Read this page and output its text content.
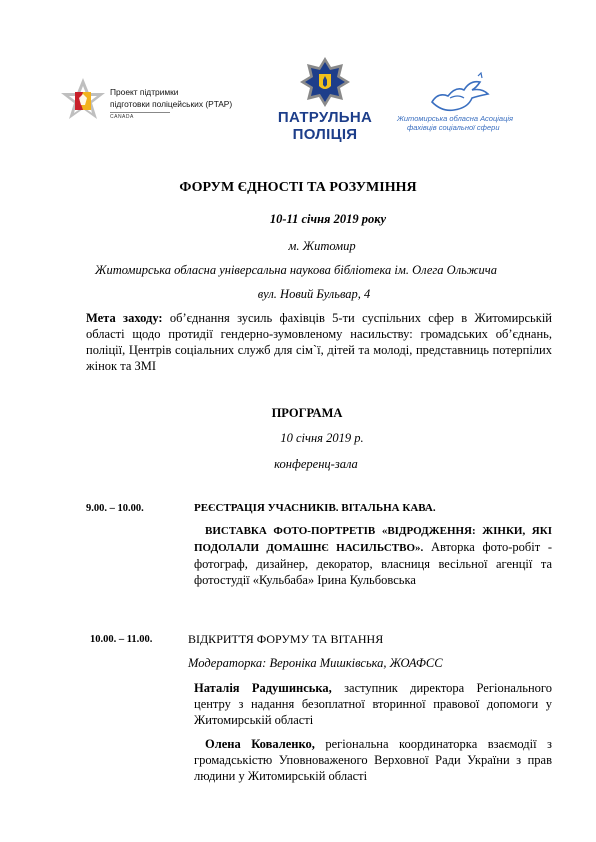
Проект підтримки
підготовки поліцейських (PTAP)
CANADA	ПАТРУЛЬНА
ПОЛІЦІЯ
Житомирська обласна Асоціація
фахівців соціальної сфери
ФОРУМ ЄДНОСТІ ТА РОЗУМІННЯ
10-11 січня 2019 року
м. Житомир
Житомирська обласна універсальна наукова бібліотека ім. Олега Ольжича
вул. Новий Бульвар, 4
Мета заходу: об’єднання зусиль фахівців 5-ти суспільних сфер в Житомирській області щодо протидії гендерно-зумовленому насильству: громадських об’єднань, поліції, Центрів соціальних служб для сім`ї, дітей та молоді, представниць потерпілих жінок та ЗМІ
ПРОГРАМА
10 січня 2019 р.
конференц-зала
9.00. – 10.00.	РЕЄСТРАЦІЯ УЧАСНИКІВ. ВІТАЛЬНА КАВА.
ВИСТАВКА ФОТО-ПОРТРЕТІВ «ВІДРОДЖЕННЯ: ЖІНКИ, ЯКІ ПОДОЛАЛИ ДОМАШНЄ НАСИЛЬСТВО». Авторка фото-робіт - фотограф, дизайнер, декоратор, власниця весільної агенції та фотостудії «Кульбаба» Ірина Кульбовська
10.00. – 11.00.	ВІДКРИТТЯ ФОРУМУ ТА ВІТАННЯ
Модераторка: Вероніка Мишківська, ЖОАФСС
Наталія Радушинська, заступник директора Регіонального центру з надання безоплатної вторинної правової допомоги у Житомирській області
Олена Коваленко, регіональна координаторка взаємодії з громадськістю Уповноваженого Верховної Ради України з прав людини у Житомирській області
